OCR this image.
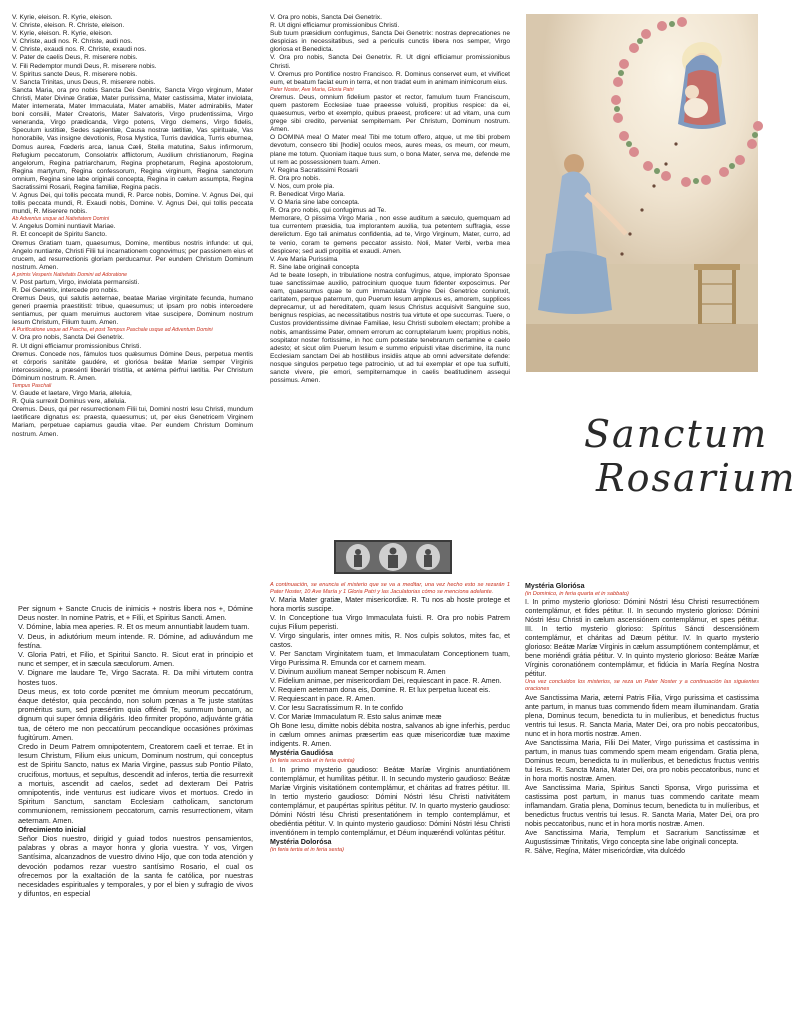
V. Kyrie, eleison. R. Kyrie, eleison.

V. Christe, eleison. R. Christe, eleison.

V. Kyrie, eleison. R. Kyrie, eleison.

V. Christe, audi nos. R. Christe, audi nos.

V. Christe, exaudi nos. R. Christe, exaudi nos.

V. Pater de caelis Deus, R. miserere nobis.

V. Fili Redemptor mundi Deus, R. miserere nobis.

V. Spiritus sancte Deus, R. miserere nobis.

V. Sancta Trinitas, unus Deus, R. miserere nobis.

Sancta Maria, ora pro nobis Sancta Dei Genitrix, Sancta Virgo virginum, Mater Christi, Mater Divinæ Gratiæ, Mater purissima, Mater castissima, Mater inviolata, Mater intemerata, Mater Immaculata, Mater amabilis, Mater admirabilis, Mater boni consilii, Mater Creatoris, Mater Salvatoris, Virgo prudentissima, Virgo veneranda, Virgo prædicanda, Virgo potens, Virgo clemens, Virgo fidelis, Speculum iustitiæ, Sedes sapientiæ, Causa nostræ lætitiæ, Vas spirituale, Vas honorabile, Vas insigne devotionis, Rosa Mystica, Turris davidica, Turris eburnea, Domus aurea, Fœderis arca, Ianua Cæli, Stella matutina, Salus infirmorum, Refugium peccatorum, Consolatrix afflictorum, Auxilium christianorum, Regina angelorum, Regina patriarcharum, Regina prophetarum, Regina apostolorum, Regina martyrum, Regina confessorum, Regina virginum, Regina sanctorum omnium, Regina sine labe originali concepta, Regina in cælum assumpta, Regina Sacratissimi Rosarii, Regina familiæ, Regina pacis.

V. Agnus Dei, qui tollis peccata mundi, R. Parce nobis, Domine. V. Agnus Dei, qui tollis peccata mundi, R. Exaudi nobis, Domine. V. Agnus Dei, qui tollis peccata mundi, R. Miserere nobis.

Ab Adventus usque ad Nativitatem Domini

V. Angelus Domini nuntiavit Mariae.

R. Et concepit de Spiritu Sancto.

Oremus Gratiam tuam, quaesumus, Domine, mentibus nostris infunde: ut qui, Angelo nuntiante, Christi Filii tui incarnationem cognovimus; per passionem eius et crucem, ad resurrectionis gloriam perducamur. Per eundem Christum Dominum nostrum. Amen.

A primis Vesperis Nativitatis Domini ad Adoratione

V. Post partum, Virgo, inviolata permansisti.

R. Dei Genetrix, intercede pro nobis.

Oremus Deus, qui salutis aeternae, beatae Mariae virginitate fecunda, humano generi praemia praestitisti: tribue, quaesumus; ut ipsam pro nobis intercedere sentiamus, per quam meruimus auctorem vitae suscipere, Dominum nostrum Iesum Christum, Filium tuum. Amen.

A Purificatione usque ad Pascha, et post Tempus Paschale usque ad Adventum Domini

V. Ora pro nobis, Sancta Dei Genetrix.

R. Ut digni efficiamur promissionibus Christi.

Oremus. Concede nos, fámulos tuos quǽsumus Dómine Deus, perpetua mentis et córporis sanitáte gaudére, et gloriósa beátæ Maríæ semper Vírginis intercessióne, a præsénti liberári tristítia, et ætérna pérfrui lætítia. Per Christum Dóminum nostrum. R. Amen.

Tempus Paschali

V. Gaude et laetare, Virgo Maria, alleluia,

R. Quia surrexit Dominus vere, alleluia.

Oremus. Deus, qui per resurrectionem Filii tui, Domini nostri Iesu Christi, mundum laetificare dignatus es: praesta, quaesumus; ut, per eius Genetricem Virginem Mariam, perpetuae capiamus gaudia vitae. Per eundem Christum Dominum nostrum. Amen.

V. Ora pro nobis, Sancta Dei Genetrix.

R. Ut digni efficiamur promissionibus Christi.

Sub tuum præsidium confugimus, Sancta Dei Genetrix: nostras deprecationes ne despicias in necessitatibus, sed a periculis cunctis libera nos semper, Virgo gloriosa et Benedicta.

V. Ora pro nobis, Sancta Dei Genetrix. R. Ut digni efficiamur promissionibus Christi.

V. Oremus pro Pontifice nostro Francisco. R. Dominus conservet eum, et vivificet eum, et beatum faciat eum in terra, et non tradat eum in animam inimicorum eius.

Pater Noster, Ave Maria, Gloria Patri

Oremus. Deus, omnium fidelium pastor et rector, famulum tuum Franciscum, quem pastorem Ecclesiae tuae praeesse voluisti, propitius respice: da ei, quaesumus, verbo et exemplo, quibus praeest, proficere: ut ad vitam, una cum grege sibi credito, perveniat sempiternam. Per Christum, Dominum nostrum. Amen.

O DOMINA mea! O Mater mea! Tibi me totum offero, atque, ut me tibi probem devotum, consecro tibi [hodie] oculos meos, aures meas, os meum, cor meum, plane me totum. Quoniam itaque tuus sum, o bona Mater, serva me, defende me ut rem ac possessionem tuam. Amen.

V. Regina Sacratissimi Rosarii

R. Ora pro nobis.

V. Nos, cum prole pia.

R. Benedicat Virgo Maria.

V. O Maria sine labe concepta.

R. Ora pro nobis, qui confugimus ad Te.

Memorare, O piissima Virgo Maria , non esse auditum a sæculo, quemquam ad tua currentem præsidia, tua implorantem auxilia, tua petentem suffragia, esse derelictum. Ego tali animatus confidentia, ad te, Virgo Virginum, Mater, curro, ad te venio, coram te gemens peccator assisto. Noli, Mater Verbi, verba mea despicere; sed audi propitia et exaudi. Amen.

V. Ave Maria Purissima

R. Sine labe originali concepta

Ad te beate Ioseph, in tribulatione nostra confugimus, atque, implorato Sponsae tuae sanctissimae auxilio, patrocinium quoque tuum fidenter exposcimus. Per eam, quaesumus quae te cum immaculata Virgine Dei Genetrice coniunxit, caritatem, perque paternum, quo Puerum Iesum amplexus es, amorem, supplices deprecamur, ut ad hereditatem, quam Iesus Christus acquisivit Sanguine suo, benignus respicias, ac necessitatibus nostris tua virtute et ope succurras. Tuere, o Custos providentissime divinae Familiae, Iesu Christi subolem electam; prohibe a nobis, amantissime Pater, omnem errorum ac corruptelarum luem; propitius nobis, sospitator noster fortissime, in hoc cum potestate tenebrarum certamine e caelo adesto; et sicut olim Puerum Iesum e summo eripuisti vitae discrimine, ita nunc Ecclesiam sanctam Dei ab hostilibus insidiis atque ab omni adversitate defende: nosque singulos perpetuo tege patrocinio, ut ad tui exemplar et ope tua suffulti, sancte vivere, pie emori, sempiternamque in caelis beatitudinem assequi possimus. Amen.

Sanctum
Rosarium

Per signum + Sancte Crucis de inimicis + nostris libera nos +, Dómine Deus noster. In nomine Patris, et + Filii, et Spiritus Sancti. Amen.

V. Dómine, labia mea aperies. R. Et os meum annuntiabit laudem tuam.

V. Deus, in adiutórium meum intende. R. Dómine, ad adiuvándum me festína.

V. Gloria Patri, et Filio, et Spiritui Sancto. R. Sicut erat in principio et nunc et semper, et in sæcula sæculorum. Amen.

V. Dignare me laudare Te, Virgo Sacrata. R. Da mihi virtutem contra hostes tuos.

Deus meus, ex toto corde pœnitet me ómnium meorum peccatórum, éaque detéstor, quia peccándo, non solum pœnas a Te juste statútas proméritus sum, sed præsértim quia offéndi Te, summum bonum, ac dignum qui super ómnia diligáris. Ideo firmiter propóno, adjuvánte grátia tua, de cétero me non peccatúrum peccandíque occasiónes próximas fugitúrum. Amen.

Credo in Deum Patrem omnipotentem, Creatorem caeli et terrae. Et in Iesum Christum, Filium eius unicum, Dominum nostrum, qui conceptus est de Spiritu Sancto, natus ex Maria Virgine, passus sub Pontio Pilato, crucifixus, mortuus, et sepultus, descendit ad inferos, tertia die resurrexit a mortuis, ascendit ad caelos, sedet ad dexteram Dei Patris omnipotentis, inde venturus est iudicare vivos et mortuos. Credo in Spiritum Sanctum, sanctam Ecclesiam catholicam, sanctorum communionem, remissionem peccatorum, carnis resurrectionem, vitam aeternam. Amen.

Ofrecimiento inicial

Señor Dios nuestro, dirigid y guiad todos nuestros pensamientos, palabras y obras a mayor honra y gloria vuestra. Y vos, Virgen Santísima, alcanzadnos de vuestro divino Hijo, que con toda atención y devoción podamos rezar vuestro santísimo Rosario, el cual os ofrecemos por la exaltación de la santa fe católica, por nuestras necesidades espirituales y temporales, y por el bien y sufragio de vivos y difuntos, en especial

A continuación, se enuncia el misterio que se va a meditar, una vez hecho esto se rezarán 1 Pater Noster, 10 Ave María y 1 Gloria Patri y las Jaculatorias cómo se menciona adelante.

V. Maria Mater gratiæ, Mater misericordiæ. R. Tu nos ab hoste protege et hora mortis suscipe.

V. In Conceptione tua Virgo Immaculata fuisti. R. Ora pro nobis Patrem cujus Filium peperisti.

V. Virgo singularis, inter omnes mitis, R. Nos culpis solutos, mites fac, et castos.

V. Per Sanctam Virginitatem tuam, et Immaculatam Conceptionem tuam, Virgo Purissima R. Emunda cor et carnem meam.

V. Divinum auxilium maneat Semper nobiscum R. Amen

V. Fidelium animae, per misericordiam Dei, requiescant in pace. R. Amen.

V. Requiem aeternam dona eis, Domine. R. Et lux perpetua luceat eis.

V. Requiescant in pace. R. Amen.

V. Cor Iesu Sacratissimum R. In te confido

V. Cor Mariæ Immaculatum R. Esto salus animæ meæ

Oh Bone Iesu, dimitte nobis débita nostra, salvanos ab igne inferhis, perduc in cælum omnes animas præsertim eas quæ misericordiæ tuæ maxime indigents. R. Amen.

Mystéria Gaudiósa

(in feria secunda et in feria quinta)

I. In primo mysterio gaudioso: Beátæ Maríæ Virginis anuntiatiónem contemplámur, et humílitas pétitur. II. In secundo mysterio gaudioso: Beátæ Maríæ Virginis visitatiónem contemplámur, et cháritas ad fratres pétitur. III. In tertio mysterio gaudioso: Dómini Nóstri Iésu Christi nativitátem contemplámur, et paupértas spíritus pétitur. IV. In quarto mysterio gaudioso: Dómini Nóstri Iésu Christi presentatiónem in templo contemplámur, et obediéntia pétitur. V. In quinto mysterio gaudioso: Dómini Nóstri Iésu Christi inventiónem in templo contemplámur, et Déum inquæréndi volúntas pétitur.

Mystéria Dolorósa

(in feria tertia et in feria sexta)

Mystéria Gloriósa

(in Dominico, in feria quarta et in sabbato)

I. In primo mysterio glorioso: Dómini Nóstri Iésu Christi resurrectiónem contemplámur, et fides pétitur. II. In secundo mysterio glorioso: Dómini Nóstri Iésu Christi in cælum ascensiónem contemplámur, et spes pétitur. III. In tertio mysterio glorioso: Spíritus Sáncti descensiónem contemplámur, et cháritas ad Dæum pétitur. IV. In quarto mysterio glorioso: Beátæ Maríæ Vírginis in cælum assumptiónem contemplámur, et bene moriéndi grátia pétitur. V. In quinto mysterio glorioso: Beátæ Maríæ Vírginis coronatiónem contemplámur, et fidúcia in María Regína Nostra pétitur.

Una vez concluidos los misterios, se reza un Pater Noster y a continuación las siguientes oraciones

Ave Sanctissima Maria, æterni Patris Filia, Virgo purissima et castissima ante partum, in manus tuas commendo fidem meam illuminandam. Gratia plena, Dominus tecum, benedicta tu in mulíeribus, et benedictus fructus ventris tui Iesus. R. Sancta Maria, Mater Dei, ora pro nobis peccatoribus, nunc et in hora mortis nostræ. Amen.

Ave Sanctissima Maria, Filii Dei Mater, Virgo purissima et castissima in partum, in manus tuas commendo spem meam erigendam. Gratia plena, Dominus tecum, benedicta tu in mulíeribus, et benedictus fructus ventris tui Iesus. R. Sancta Maria, Mater Dei, ora pro nobis peccatoribus, nunc et in hora mortis nostræ. Amen.

Ave Sanctissima Maria, Spiritus Sancti Sponsa, Virgo purissima et castissima post partum, in manus tuas commendo caritate meam inflamandam. Gratia plena, Dominus tecum, benedicta tu in mulíeribus, et benedictus fructus ventris tui Iesus. R. Sancta Maria, Mater Dei, ora pro nobis peccatoribus, nunc et in hora mortis nostræ. Amen.

Ave Sanctissima Maria, Templum et Sacrarium Sanctissimæ et Augustissimæ Trinitatis, Virgo concepta sine labe originali concepta.

R. Sálve, Regína, Máter misericórdiæ, vita dulcédo
